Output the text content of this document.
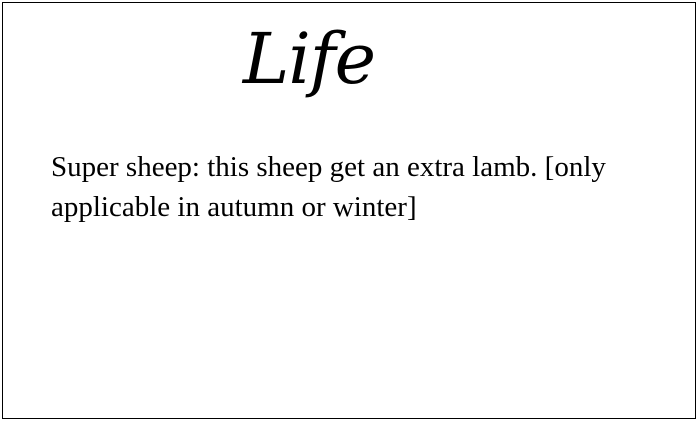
Life
Super sheep: this sheep get an extra lamb. [only applicable in autumn or winter]
